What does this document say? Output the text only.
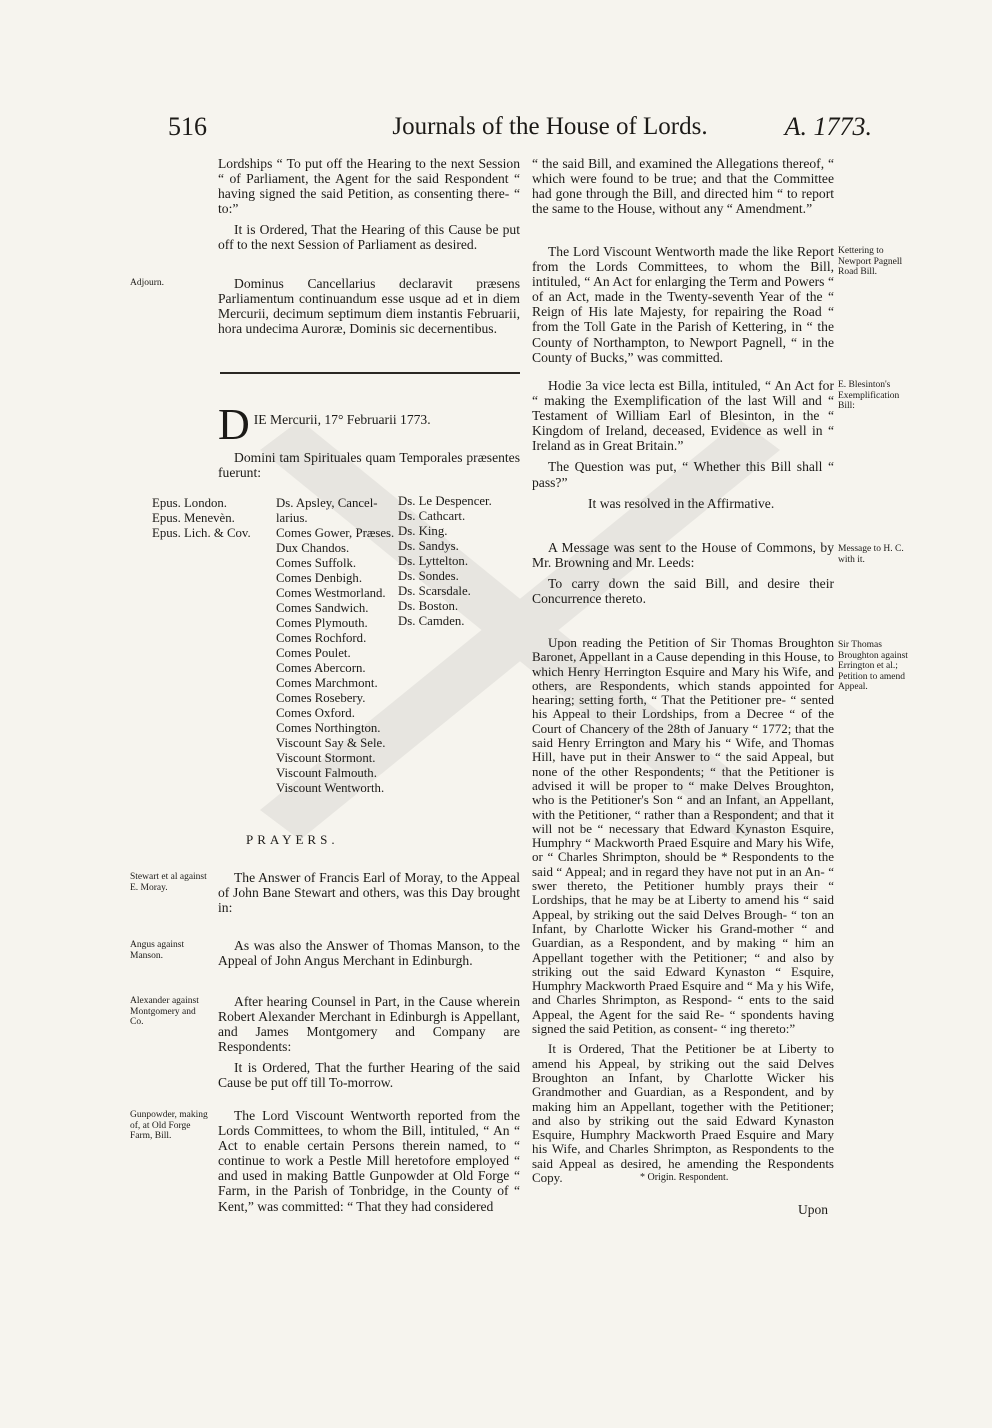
516	Journals of the House of Lords.	A. 1773.

Lordships “ To put off the Hearing to the next Session “ of Parliament, the Agent for the said Respondent “ having signed the said Petition, as consenting there- “ to:”

It is Ordered, That the Hearing of this Cause be put off to the next Session of Parliament as desired.

Adjourn.	Dominus Cancellarius declaravit præsens Parliamentum continuandum esse usque ad et in diem Mercurii, decimum septimum diem instantis Februarii, hora undecima Auroræ, Dominis sic decernentibus.

D IE Mercurii, 17° Februarii 1773.

Domini tam Spirituales quam Temporales præsentes fuerunt:

Epus. London.
Epus. Menevèn.
Epus. Lich. & Cov.
Ds. Apsley, Cancel-
larius.
Comes Gower, Præses.
Dux Chandos.
Comes Suffolk.
Comes Denbigh.
Comes Westmorland.
Comes Sandwich.
Comes Plymouth.
Comes Rochford.
Comes Poulet.
Comes Abercorn.
Comes Marchmont.
Comes Rosebery.
Comes Oxford.
Comes Northington.
Viscount Say & Sele.
Viscount Stormont.
Viscount Falmouth.
Viscount Wentworth.
Ds. Le Despencer.
Ds. Cathcart.
Ds. King.
Ds. Sandys.
Ds. Lyttelton.
Ds. Sondes.
Ds. Scarsdale.
Ds. Boston.
Ds. Camden.
PRAYERS.
Stewart et al against E. Moray.

The Answer of Francis Earl of Moray, to the Appeal of John Bane Stewart and others, was this Day brought in:

Angus against Manson.

As was also the Answer of Thomas Manson, to the Appeal of John Angus Merchant in Edinburgh.

Alexander against Montgomery and Co.

After hearing Counsel in Part, in the Cause wherein Robert Alexander Merchant in Edinburgh is Appellant, and James Montgomery and Company are Respondents:

It is Ordered, That the further Hearing of the said Cause be put off till To-morrow.

Gunpowder, making of, at Old Forge Farm, Bill.

The Lord Viscount Wentworth reported from the Lords Committees, to whom the Bill, intituled, “ An “ Act to enable certain Persons therein named, to “ continue to work a Pestle Mill heretofore employed “ and used in making Battle Gunpowder at Old Forge “ Farm, in the Parish of Tonbridge, in the County of “ Kent,” was committed: “ That they had considered

“ the said Bill, and examined the Allegations thereof, “ which were found to be true; and that the Committee had gone through the Bill, and directed him “ to report the same to the House, without any “ Amendment.”

Kettering to Newport Pagnell Road Bill.

The Lord Viscount Wentworth made the like Report from the Lords Committees, to whom the Bill, intituled, “ An Act for enlarging the Term and Powers “ of an Act, made in the Twenty-seventh Year of the “ Reign of His late Majesty, for repairing the Road “ from the Toll Gate in the Parish of Kettering, in “ the County of Northampton, to Newport Pagnell, “ in the County of Bucks,” was committed.

E. Blesinton's Exemplification Bill:

Hodie 3a vice lecta est Billa, intituled, “ An Act for “ making the Exemplification of the last Will and “ Testament of William Earl of Blesinton, in the “ Kingdom of Ireland, deceased, Evidence as well in “ Ireland as in Great Britain.”

The Question was put, “ Whether this Bill shall “ pass?”

It was resolved in the Affirmative.

Message to H. C. with it.

A Message was sent to the House of Commons, by Mr. Browning and Mr. Leeds:

To carry down the said Bill, and desire their Concurrence thereto.

Sir Thomas Broughton against Errington et al.; Petition to amend Appeal.

Upon reading the Petition of Sir Thomas Broughton Baronet, Appellant in a Cause depending in this House, to which Henry Herrington Esquire and Mary his Wife, and others, are Respondents, which stands appointed for hearing; setting forth, “ That the Petitioner pre- “ sented his Appeal to their Lordships, from a Decree “ of the Court of Chancery of the 28th of January “ 1772; that the said Henry Errington and Mary his “ Wife, and Thomas Hill, have put in their Answer to “ the said Appeal, but none of the other Respondents; “ that the Petitioner is advised it will be proper to “ make Delves Broughton, who is the Petitioner's Son “ and an Infant, an Appellant, with the Petitioner, “ rather than a Respondent; and that it will not be “ necessary that Edward Kynaston Esquire, Humphry “ Mackworth Praed Esquire and Mary his Wife, or “ Charles Shrimpton, should be * Respondents to the said “ Appeal; and in regard they have not put in an An- “ swer thereto, the Petitioner humbly prays their “ Lordships, that he may be at Liberty to amend his “ said Appeal, by striking out the said Delves Brough- “ ton an Infant, by Charlotte Wicker his Grand-mother “ and Guardian, as a Respondent, and by making “ him an Appellant together with the Petitioner; “ and also by striking out the said Edward Kynaston “ Esquire, Humphry Mackworth Praed Esquire and “ Ma y his Wife, and Charles Shrimpton, as Respond- “ ents to the said Appeal, the Agent for the said Re- “ spondents having signed the said Petition, as consent- “ ing thereto:”

It is Ordered, That the Petitioner be at Liberty to amend his Appeal, by striking out the said Delves Broughton an Infant, by Charlotte Wicker his Grandmother and Guardian, as a Respondent, and by making him an Appellant, together with the Petitioner; and also by striking out the said Edward Kynaston Esquire, Humphry Mackworth Praed Esquire and Mary his Wife, and Charles Shrimpton, as Respondents to the said Appeal as desired, he amending the Respondents Copy.	* Origin. Respondent.
Upon
